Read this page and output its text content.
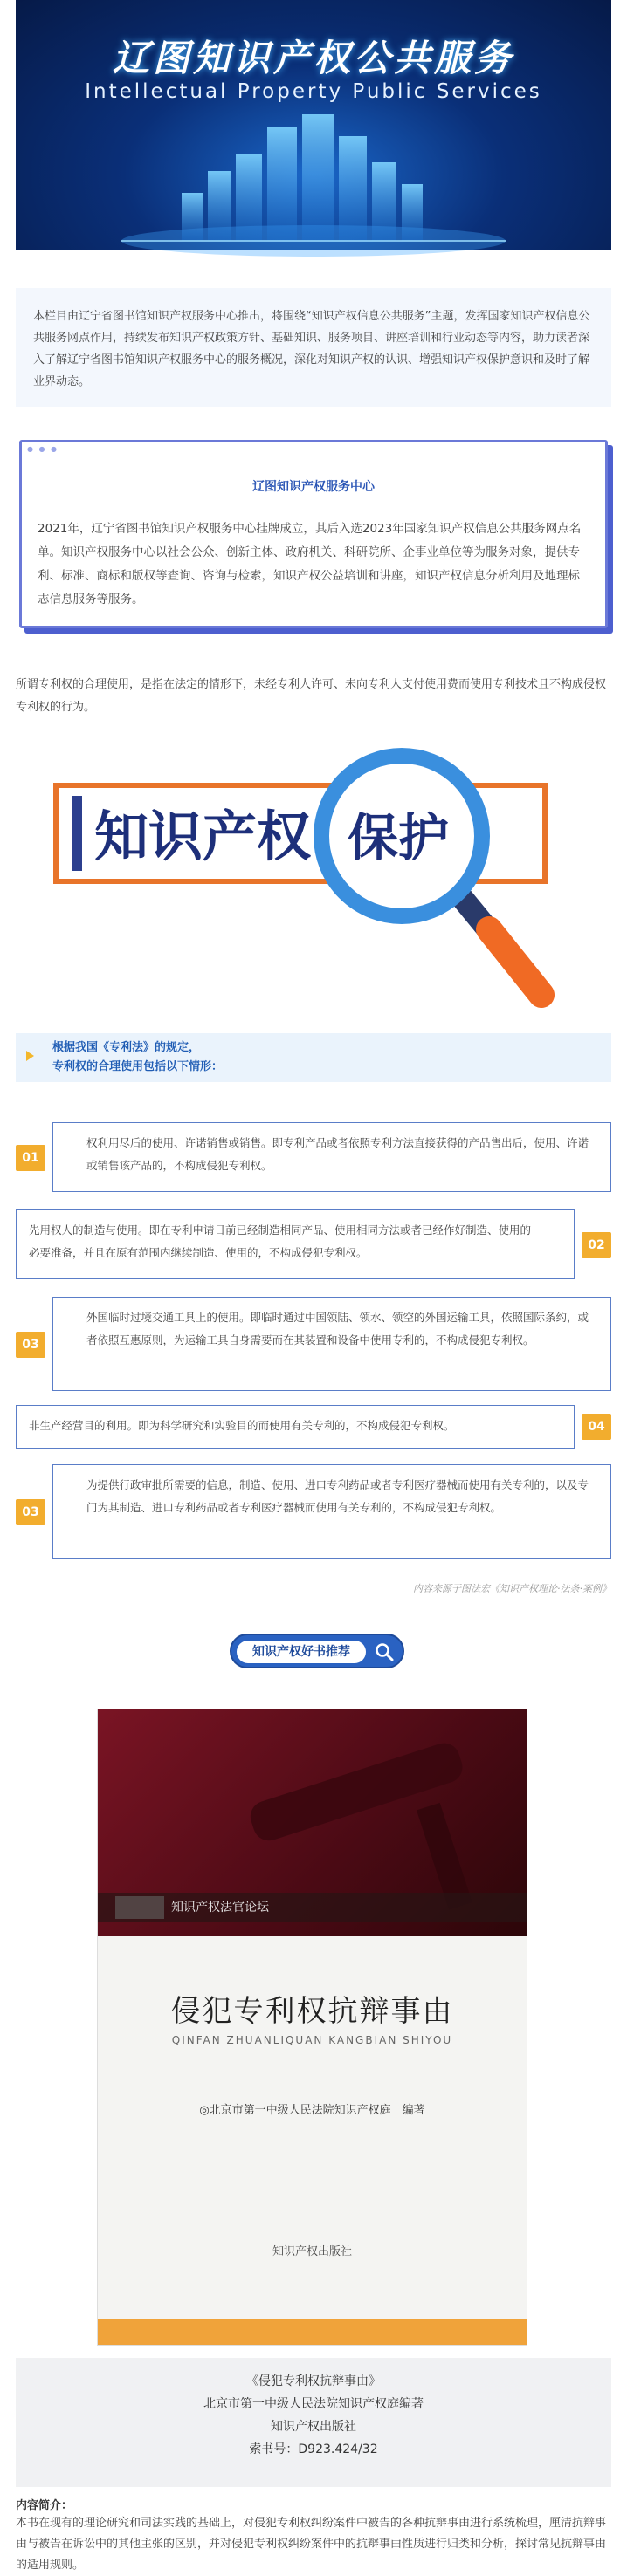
辽图知识产权公共服务
Intellectual Property Public Services
本栏目由辽宁省图书馆知识产权服务中心推出，将围绕“知识产权信息公共服务”主题，发挥国家知识产权信息公共服务网点作用，持续发布知识产权政策方针、基础知识、服务项目、讲座培训和行业动态等内容，助力读者深入了解辽宁省图书馆知识产权服务中心的服务概况，深化对知识产权的认识、增强知识产权保护意识和及时了解业界动态。
● ● ●
辽图知识产权服务中心

2021年，辽宁省图书馆知识产权服务中心挂牌成立，其后入选2023年国家知识产权信息公共服务网点名单。知识产权服务中心以社会公众、创新主体、政府机关、科研院所、企事业单位等为服务对象，提供专利、标准、商标和版权等查询、咨询与检索，知识产权公益培训和讲座，知识产权信息分析利用及地理标志信息服务等服务。

所谓专利权的合理使用，是指在法定的情形下，未经专利人许可、未向专利人支付使用费而使用专利技术且不构成侵权专利权的行为。
知识产权 保护
根据我国《专利法》的规定，
专利权的合理使用包括以下情形：
权利用尽后的使用、许诺销售或销售。即专利产品或者依照专利方法直接获得的产品售出后，使用、许诺或销售该产品的，不构成侵犯专利权。
01
先用权人的制造与使用。即在专利申请日前已经制造相同产品、使用相同方法或者已经作好制造、使用的必要准备，并且在原有范围内继续制造、使用的，不构成侵犯专利权。
02
外国临时过境交通工具上的使用。即临时通过中国领陆、领水、领空的外国运输工具，依照国际条约，或者依照互惠原则，为运输工具自身需要而在其装置和设备中使用专利的，不构成侵犯专利权。
03
非生产经营目的利用。即为科学研究和实验目的而使用有关专利的，不构成侵犯专利权。	04
为提供行政审批所需要的信息，制造、使用、进口专利药品或者专利医疗器械而使用有关专利的，以及专门为其制造、进口专利药品或者专利医疗器械而使用有关专利的，不构成侵犯专利权。
03
内容来源于图法宏《知识产权理论·法条·案例》
知识产权好书推荐
知识产权法官论坛
侵犯专利权抗辩事由
QINFAN ZHUANLIQUAN KANGBIAN SHIYOU
◎北京市第一中级人民法院知识产权庭　编著
知识产权出版社
《侵犯专利权抗辩事由》
北京市第一中级人民法院知识产权庭编著
知识产权出版社
索书号：D923.424/32
内容简介：
本书在现有的理论研究和司法实践的基础上，对侵犯专利权纠纷案件中被告的各种抗辩事由进行系统梳理，厘清抗辩事由与被告在诉讼中的其他主张的区别，并对侵犯专利权纠纷案件中的抗辩事由性质进行归类和分析，探讨常见抗辩事由的适用规则。
